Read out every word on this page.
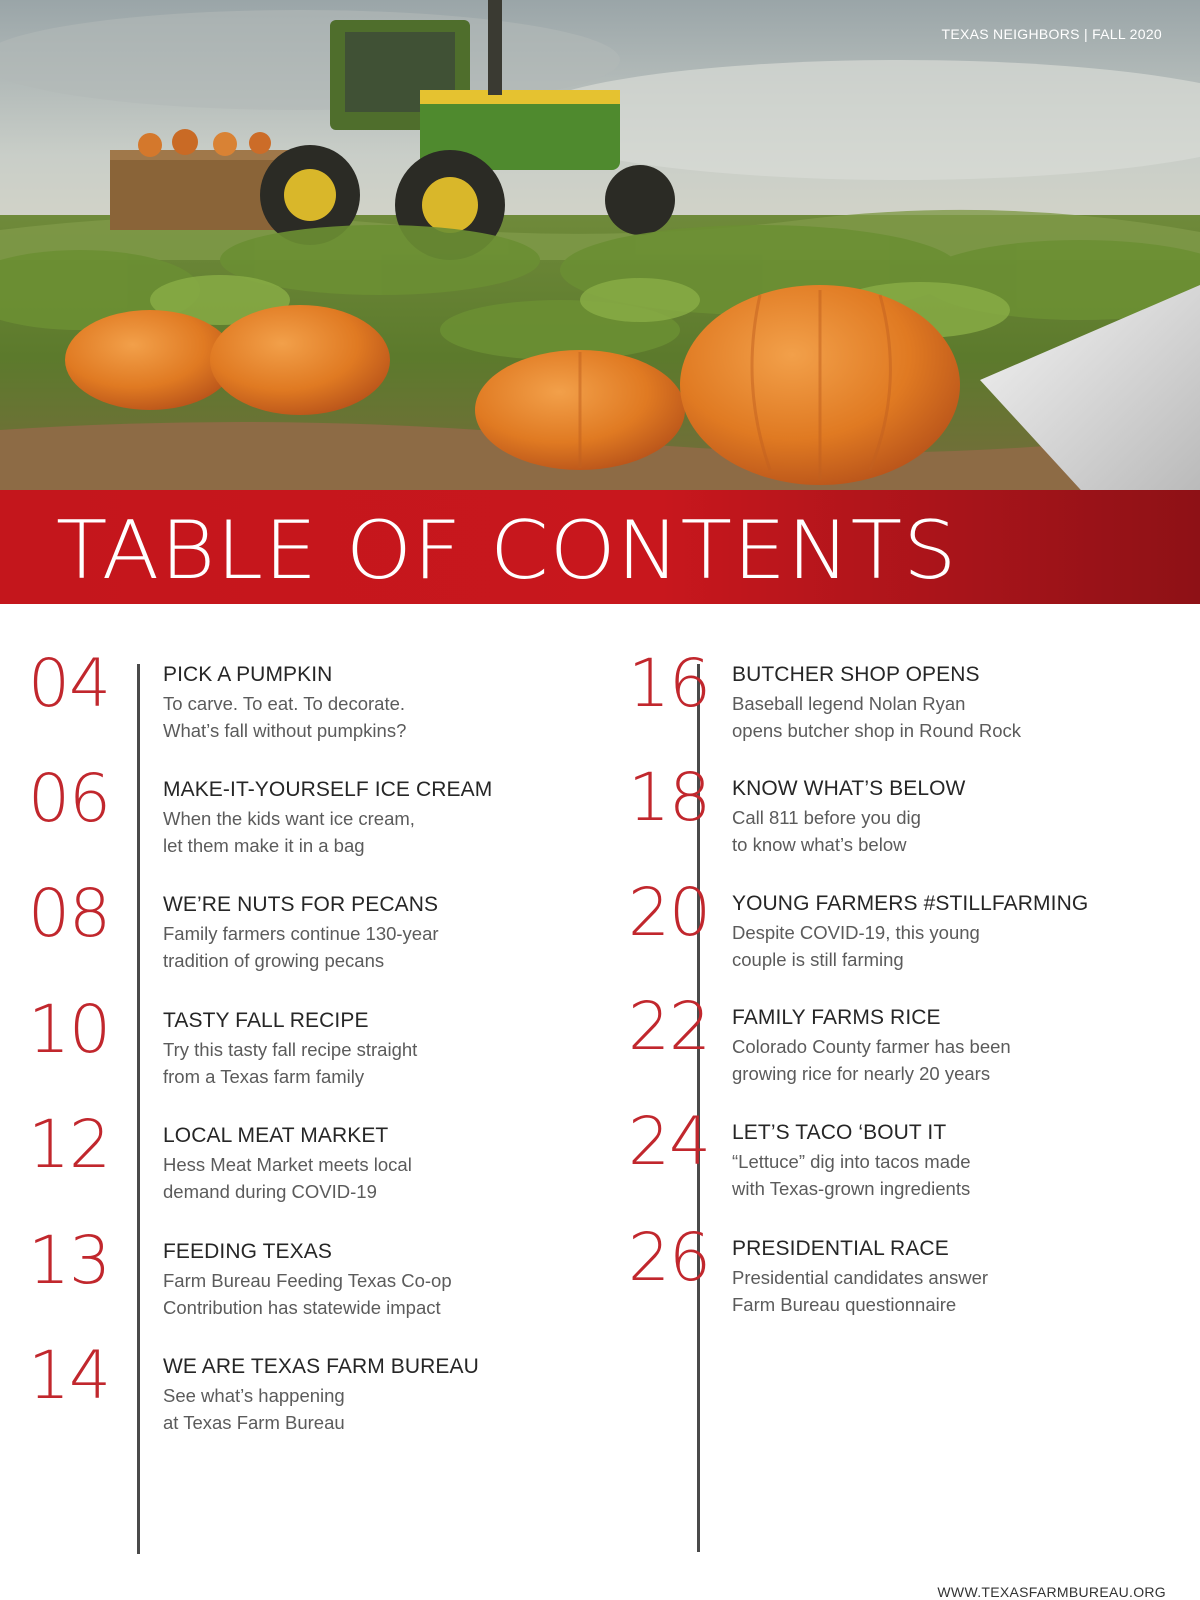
TEXAS NEIGHBORS | FALL 2020
TABLE OF CONTENTS
04	PICK A PUMPKIN
To carve. To eat. To decorate.
What’s fall without pumpkins?
06	MAKE-IT-YOURSELF ICE CREAM
When the kids want ice cream,
let them make it in a bag
08	WE’RE NUTS FOR PECANS
Family farmers continue 130-year
tradition of growing pecans
10	TASTY FALL RECIPE
Try this tasty fall recipe straight
from a Texas farm family
12	LOCAL MEAT MARKET
Hess Meat Market meets local
demand during COVID-19
13	FEEDING TEXAS
Farm Bureau Feeding Texas Co-op
Contribution has statewide impact
14	WE ARE TEXAS FARM BUREAU
See what’s happening
at Texas Farm Bureau
16 BUTCHER SHOP OPENS
Baseball legend Nolan Ryan
opens butcher shop in Round Rock
18 KNOW WHAT’S BELOW
Call 811 before you dig
to know what’s below
20 YOUNG FARMERS #STILLFARMING
Despite COVID-19, this young
couple is still farming
22 FAMILY FARMS RICE
Colorado County farmer has been
growing rice for nearly 20 years
24 LET’S TACO ‘BOUT IT
“Lettuce” dig into tacos made
with Texas-grown ingredients
26 PRESIDENTIAL RACE
Presidential candidates answer
Farm Bureau questionnaire
WWW.TEXASFARMBUREAU.ORG
